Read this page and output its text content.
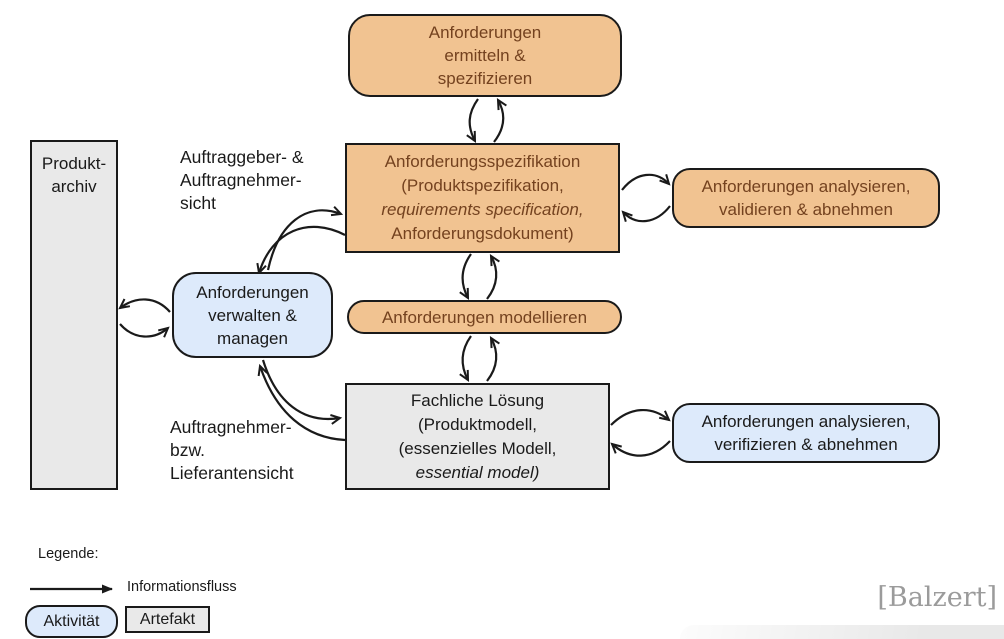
Anforderungen
ermitteln &
spezifizieren
Anforderungsspezifikation
(Produktspezifikation,
requirements specification,
Anforderungsdokument)
Anforderungen analysieren,
validieren & abnehmen
Produkt-
archiv
Anforderungen
verwalten &
managen
Anforderungen modellieren
Fachliche Lösung
(Produktmodell,
(essenzielles Modell,
essential model)
Anforderungen analysieren,
verifizieren & abnehmen
Auftraggeber- &
Auftragnehmer-
sicht
Auftragnehmer-
bzw.
Lieferantensicht
Legende:
Informationsfluss
Aktivität	Artefakt
[Balzert]
